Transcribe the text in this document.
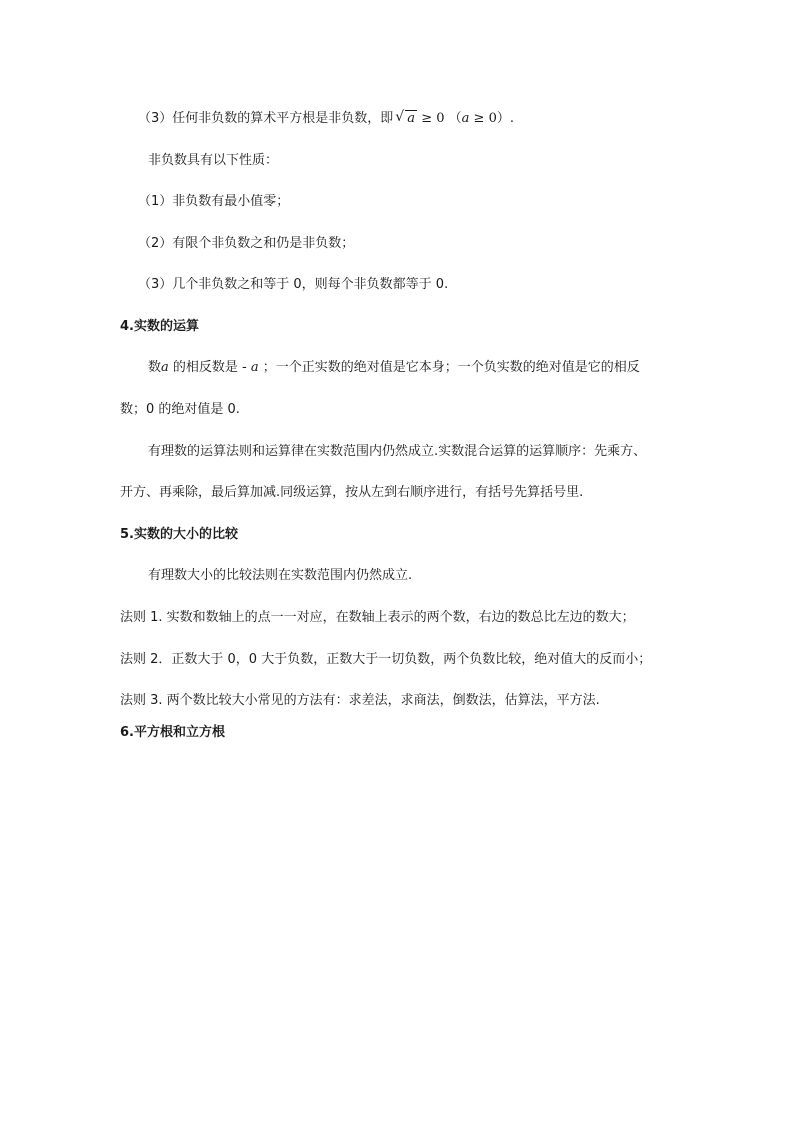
（3）任何非负数的算术平方根是非负数，即 √ a ≥ 0 （a ≥ 0）.
非负数具有以下性质：
（1）非负数有最小值零；
（2）有限个非负数之和仍是非负数；
（3）几个非负数之和等于 0，则每个非负数都等于 0.
4.实数的运算
数a 的相反数是 - a ；一个正实数的绝对值是它本身；一个负实数的绝对值是它的相反
数；0 的绝对值是 0.
有理数的运算法则和运算律在实数范围内仍然成立.实数混合运算的运算顺序：先乘方、
开方、再乘除，最后算加减.同级运算，按从左到右顺序进行，有括号先算括号里.
5.实数的大小的比较
有理数大小的比较法则在实数范围内仍然成立.
法则 1. 实数和数轴上的点一一对应，在数轴上表示的两个数，右边的数总比左边的数大；
法则 2．正数大于 0，0 大于负数，正数大于一切负数，两个负数比较，绝对值大的反而小；
法则 3. 两个数比较大小常见的方法有：求差法，求商法，倒数法，估算法，平方法.
6.平方根和立方根
